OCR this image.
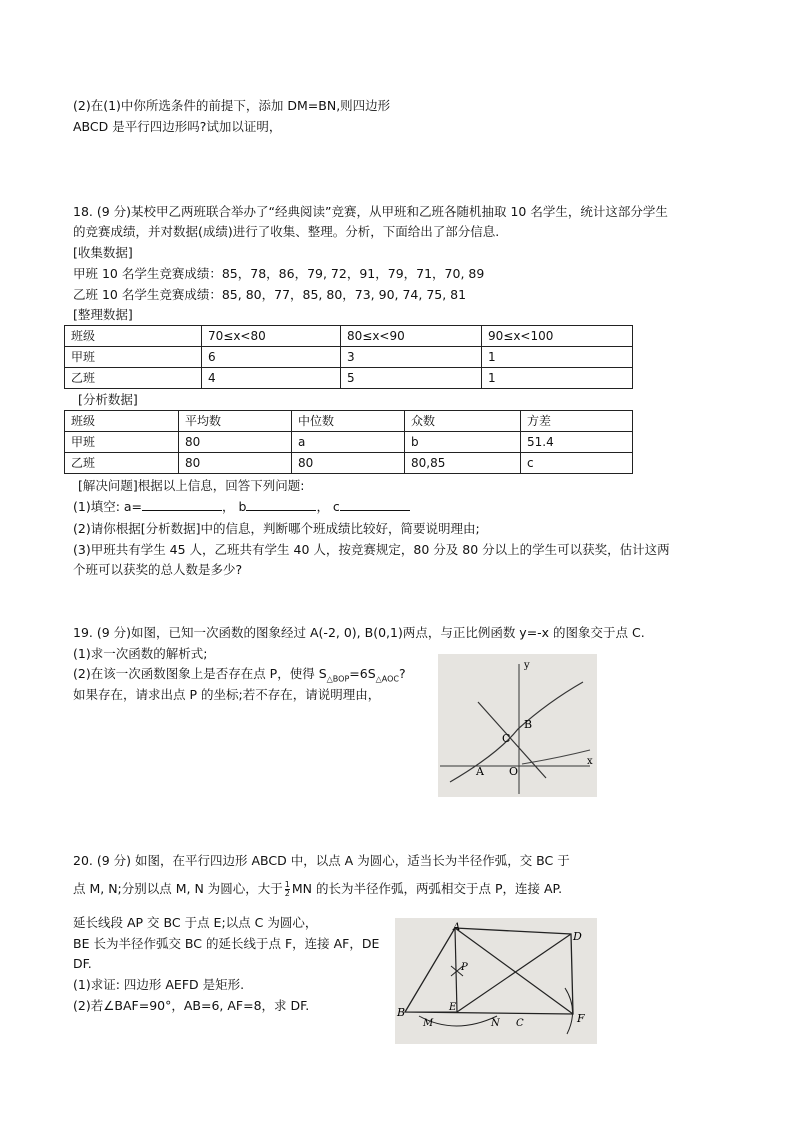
(2)在(1)中你所选条件的前提下，添加 DM=BN,则四边形
ABCD 是平行四边形吗?试加以证明，
18. (9 分)某校甲乙两班联合举办了“经典阅读”竞赛，从甲班和乙班各随机抽取 10 名学生，统计这部分学生
的竞赛成绩，并对数据(成绩)进行了收集、整理。分析，下面给出了部分信息.
[收集数据]
甲班 10 名学生竞赛成绩：85，78，86，79, 72，91，79，71，70, 89
乙班 10 名学生竞赛成绩：85, 80，77，85, 80，73, 90, 74, 75, 81
[整理数据]
班级	70≤x<80	80≤x<90	90≤x<100
甲班	6	3	1
乙班	4	5	1
[分析数据]
班级	平均数	中位数	众数	方差
甲班	80	a	b	51.4
乙班	80	80	80,85	c
[解决问题]根据以上信息，回答下列问题:
(1)填空: a=	， b	， c
(2)请你根据[分析数据]中的信息，判断哪个班成绩比较好，简要说明理由;
(3)甲班共有学生 45 人，乙班共有学生 40 人，按竞赛规定，80 分及 80 分以上的学生可以获奖，估计这两
个班可以获奖的总人数是多少?
19. (9 分)如图，已知一次函数的图象经过 A(-2, 0), B(0,1)两点，与正比例函数 y=-x 的图象交于点 C.
(1)求一次函数的解析式;
(2)在该一次函数图象上是否存在点 P，使得 $S_{\triangle BOP}=6S_{\triangle AOC}$?
如果存在，请求出点 P 的坐标;若不存在，请说明理由，
y
x
A O
B
C
20. (9 分) 如图，在平行四边形 ABCD 中，以点 A 为圆心，适当长为半径作弧，交 BC 于
点 M, N;分别以点 M, N 为圆心，大于 $\frac{1}{2}$ MN 的长为半径作弧，两弧相交于点 P，连接 AP.
延长线段 AP 交 BC 于点 E;以点 C 为圆心，
BE 长为半径作弧交 BC 的延长线于点 F，连接 AF，DE
DF.
(1)求证: 四边形 AEFD 是矩形.
(2)若∠BAF=90°，AB=6, AF=8，求 DF.
A
D
P
B	E
C	F
M	N
